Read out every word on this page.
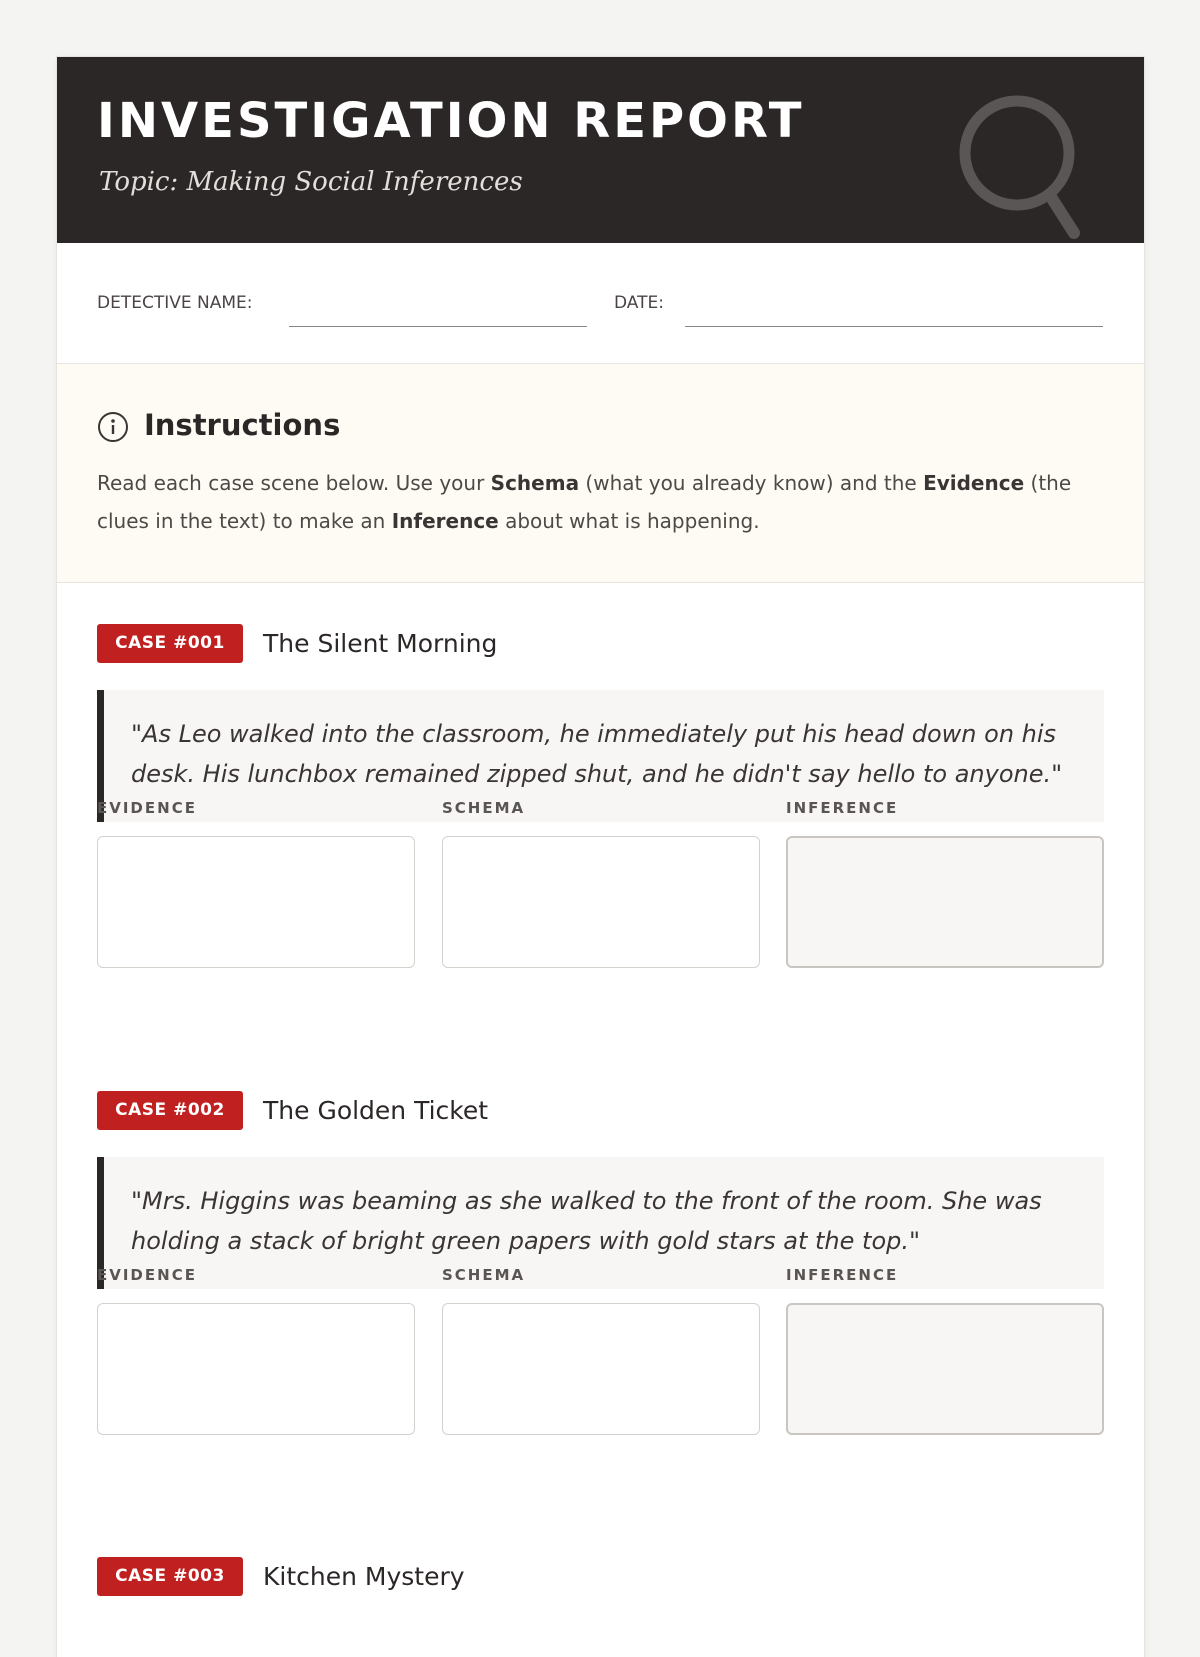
INVESTIGATION REPORT
Topic: Making Social Inferences
DETECTIVE NAME:	DATE:
Instructions
Read each case scene below. Use your Schema (what you already know) and the Evidence (the clues in the text) to make an Inference about what is happening.
CASE #001	The Silent Morning
"As Leo walked into the classroom, he immediately put his head down on his desk. His lunchbox remained zipped shut, and he didn't say hello to anyone."
EVIDENCE	SCHEMA	INFERENCE
CASE #002	The Golden Ticket
"Mrs. Higgins was beaming as she walked to the front of the room. She was holding a stack of bright green papers with gold stars at the top."
EVIDENCE	SCHEMA	INFERENCE
CASE #003	Kitchen Mystery
